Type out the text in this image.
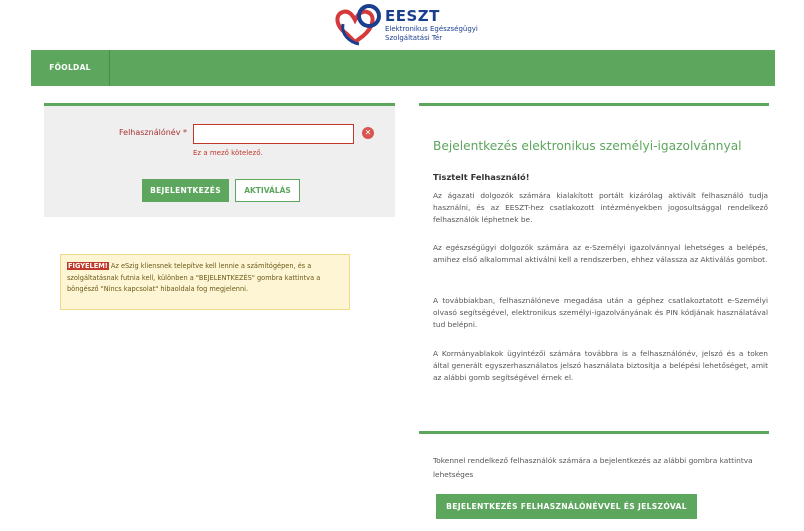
EESZT
Elektronikus Egészségügyi
Szolgáltatási Tér
FŐOLDAL
Felhasználónév *	✕
Ez a mező kötelező.
BEJELENTKEZÉS	AKTIVÁLÁS
FIGYELEM! Az eSzig kliensnek telepítve kell lennie a számítógépen, és a szolgáltatásnak futnia kell, különben a "BEJELENTKEZÉS" gombra kattintva a böngésző "Nincs kapcsolat" hibaoldala fog megjelenni.
Bejelentkezés elektronikus személyi-igazolvánnyal
Tisztelt Felhasználó!
Az ágazati dolgozók számára kialakított portált kizárólag aktivált felhasználó tudja használni, és az EESZT-hez csatlakozott intézményekben jogosultsággal rendelkező felhasználók léphetnek be.
Az egészségügyi dolgozók számára az e-Személyi igazolvánnyal lehetséges a belépés, amihez első alkalommal aktiválni kell a rendszerben, ehhez válassza az Aktiválás gombot.
A továbbiakban, felhasználóneve megadása után a géphez csatlakoztatott e-Személyi olvasó segítségével, elektronikus személyi-igazolványának és PIN kódjának használatával tud belépni.
A Kormányablakok ügyintézői számára továbbra is a felhasználónév, jelszó és a token által generált egyszerhasználatos jelszó használata biztosítja a belépési lehetőséget, amit az alábbi gomb segítségével érnek el.
Tokennel rendelkező felhasználók számára a bejelentkezés az alábbi gombra kattintva lehetséges
BEJELENTKEZÉS FELHASZNÁLÓNÉVVEL ÉS JELSZÓVAL
